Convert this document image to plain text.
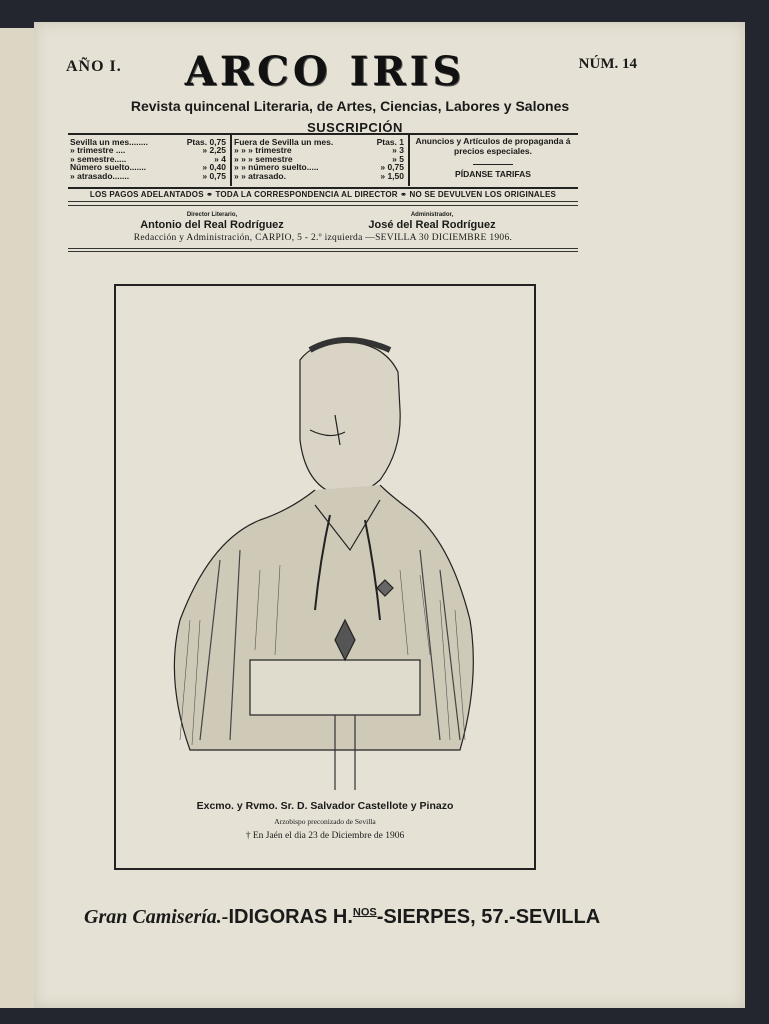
AÑO I.	ARCO IRIS	NÚM. 14
Revista quincenal Literaria, de Artes, Ciencias, Labores y Salones
SUSCRIPCIÓN
Sevilla un mes........	Ptas. 0,75
» trimestre ....	» 2,25
» semestre.....	» 4
Número suelto.......	» 0,40
» atrasado.......	» 0,75
Fuera de Sevilla un mes.	Ptas. 1
» » » trimestre	» 3
» » » semestre	» 5
» » número suelto.....	» 0,75
» » atrasado.	» 1,50
Anuncios y Artículos de propaganda á precios especiales.
PÍDANSE TARIFAS
LOS PAGOS ADELANTADOS ⚭ TODA LA CORRESPONDENCIA AL DIRECTOR ⚭ NO SE DEVULVEN LOS ORIGINALES
Director Literario,
Antonio del Real Rodríguez
Administrador,
José del Real Rodríguez
Redacción y Administración, CARPIO, 5 - 2.º izquierda —SEVILLA 30 DICIEMBRE 1906.
Excmo. y Rvmo. Sr. D. Salvador Castellote y Pinazo
Arzobispo preconizado de Sevilla
† En Jaén el dia 23 de Diciembre de 1906
Gran Camisería.-IDIGORAS H.$^{NOS}$-SIERPES, 57.-SEVILLA
